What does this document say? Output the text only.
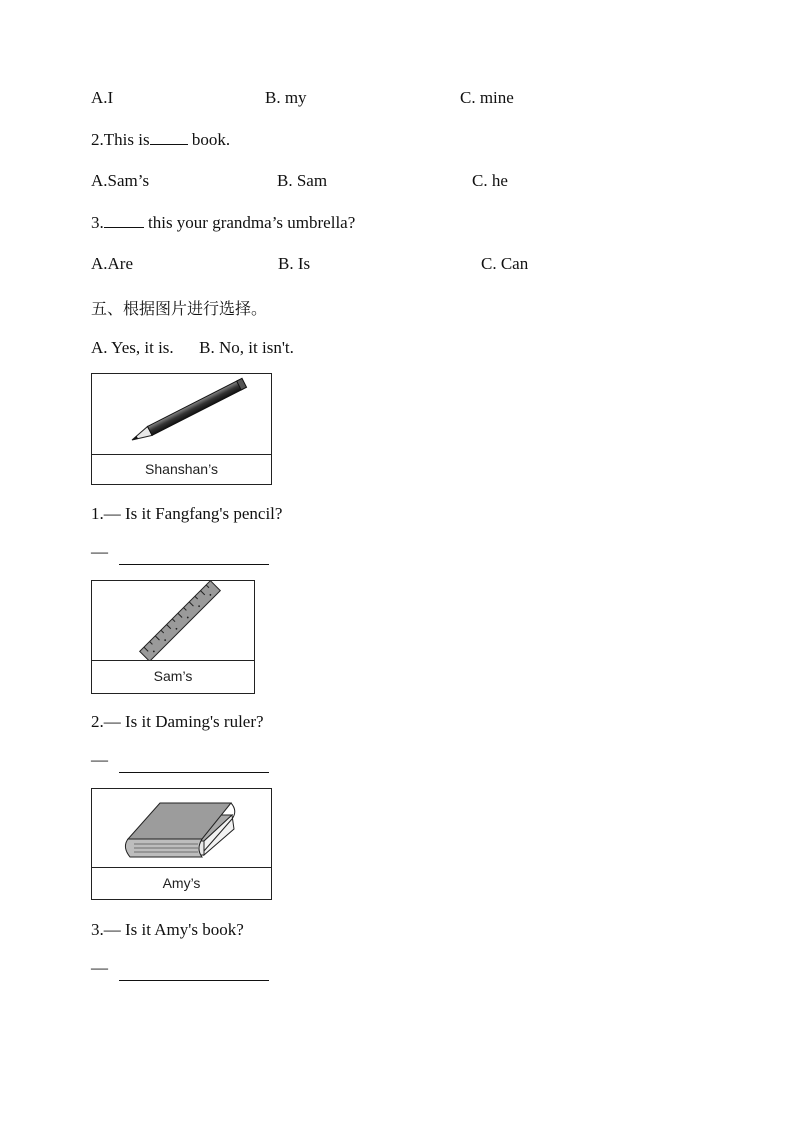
A.I	B. my	C. mine
2.This is book.
A.Sam’s	B. Sam	C. he
3. this your grandma’s umbrella?
A.Are	B. Is	C. Can
五、根据图片进行选择。
A. Yes, it is.      B. No, it isn't.
Shanshan’s
1.— Is it Fangfang's pencil?
—
Sam’s
2.— Is it Daming's ruler?
—
Amy’s
3.— Is it Amy's book?
—
